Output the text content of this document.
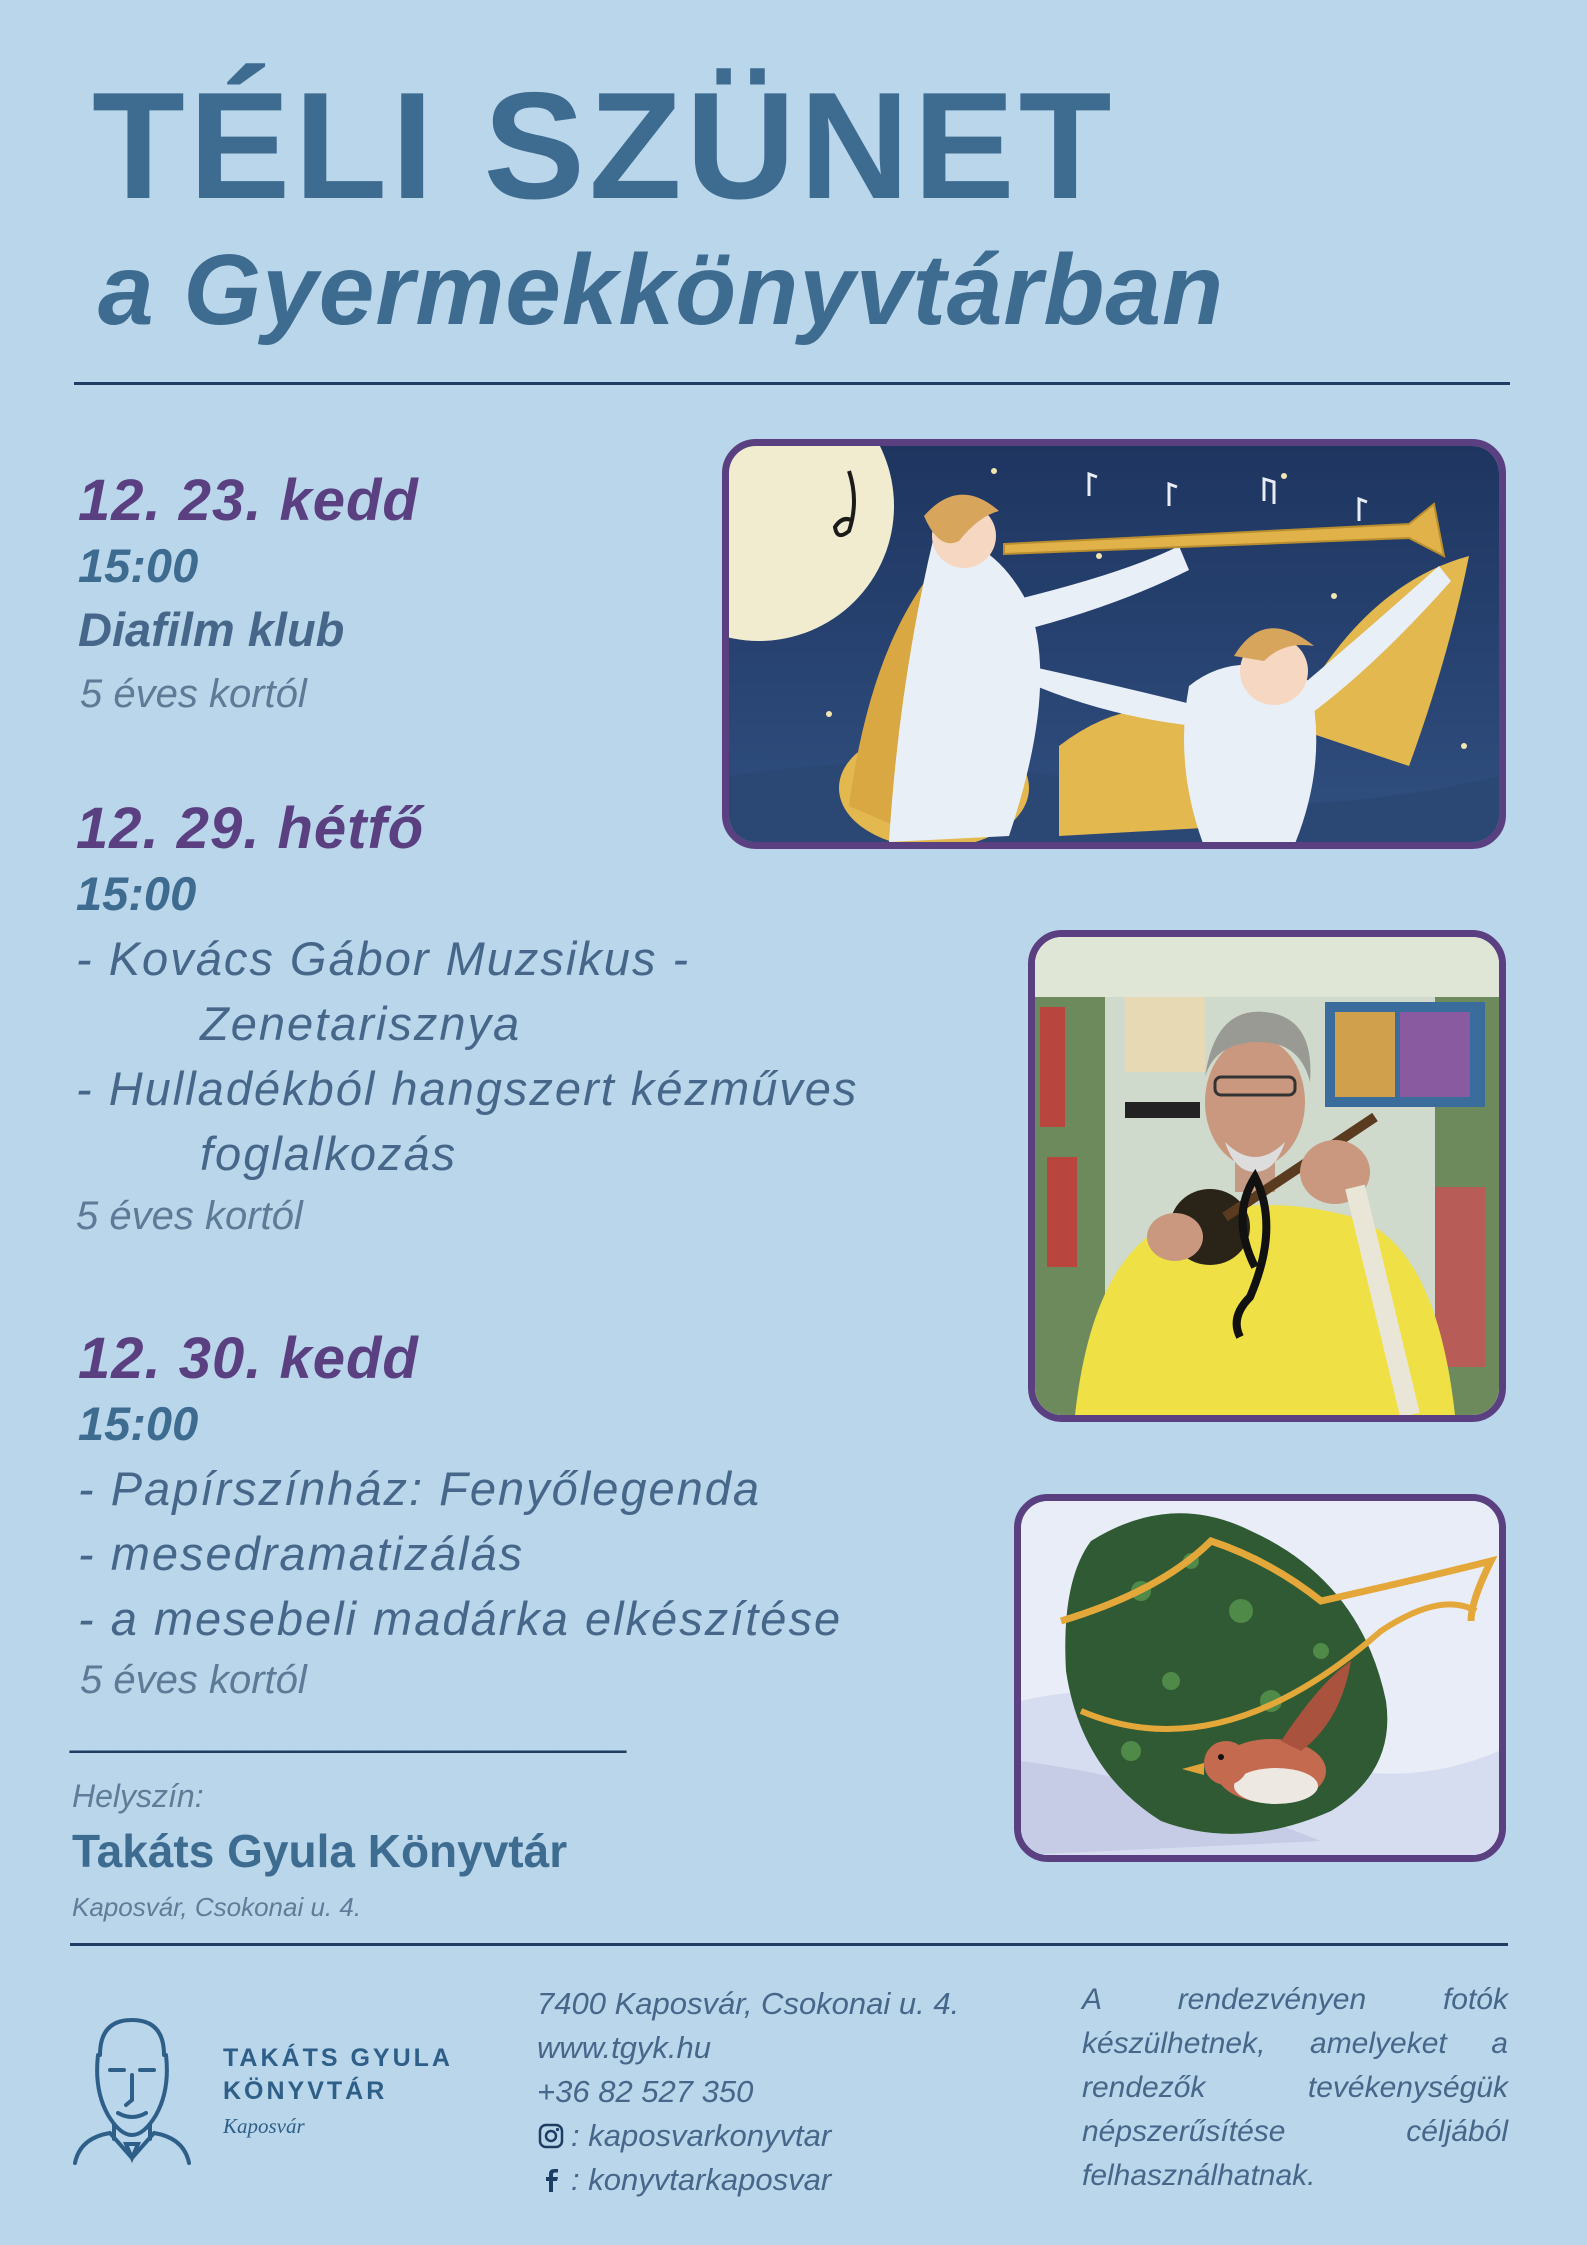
TÉLI SZÜNET
a Gyermekkönyvtárban
12. 23. kedd
15:00
Diafilm klub
5 éves kortól
12. 29. hétfő
15:00
- Kovács Gábor Muzsikus -
Zenetarisznya
- Hulladékból hangszert kézműves
foglalkozás
5 éves kortól
12. 30. kedd
15:00
- Papírszínház: Fenyőlegenda
- mesedramatizálás
- a mesebeli madárka elkészítése
5 éves kortól
_________________________
Helyszín:
Takáts Gyula Könyvtár
Kaposvár, Csokonai u. 4.
TAKÁTS GYULA
KÖNYVTÁR
Kaposvár
7400 Kaposvár, Csokonai u. 4.
www.tgyk.hu
+36 82 527 350
: kaposvarkonyvtar
: konyvtarkaposvar
A rendezvényen fotók készülhetnek, amelyeket a rendezők tevékenységük népszerűsítése céljából felhasználhatnak.
